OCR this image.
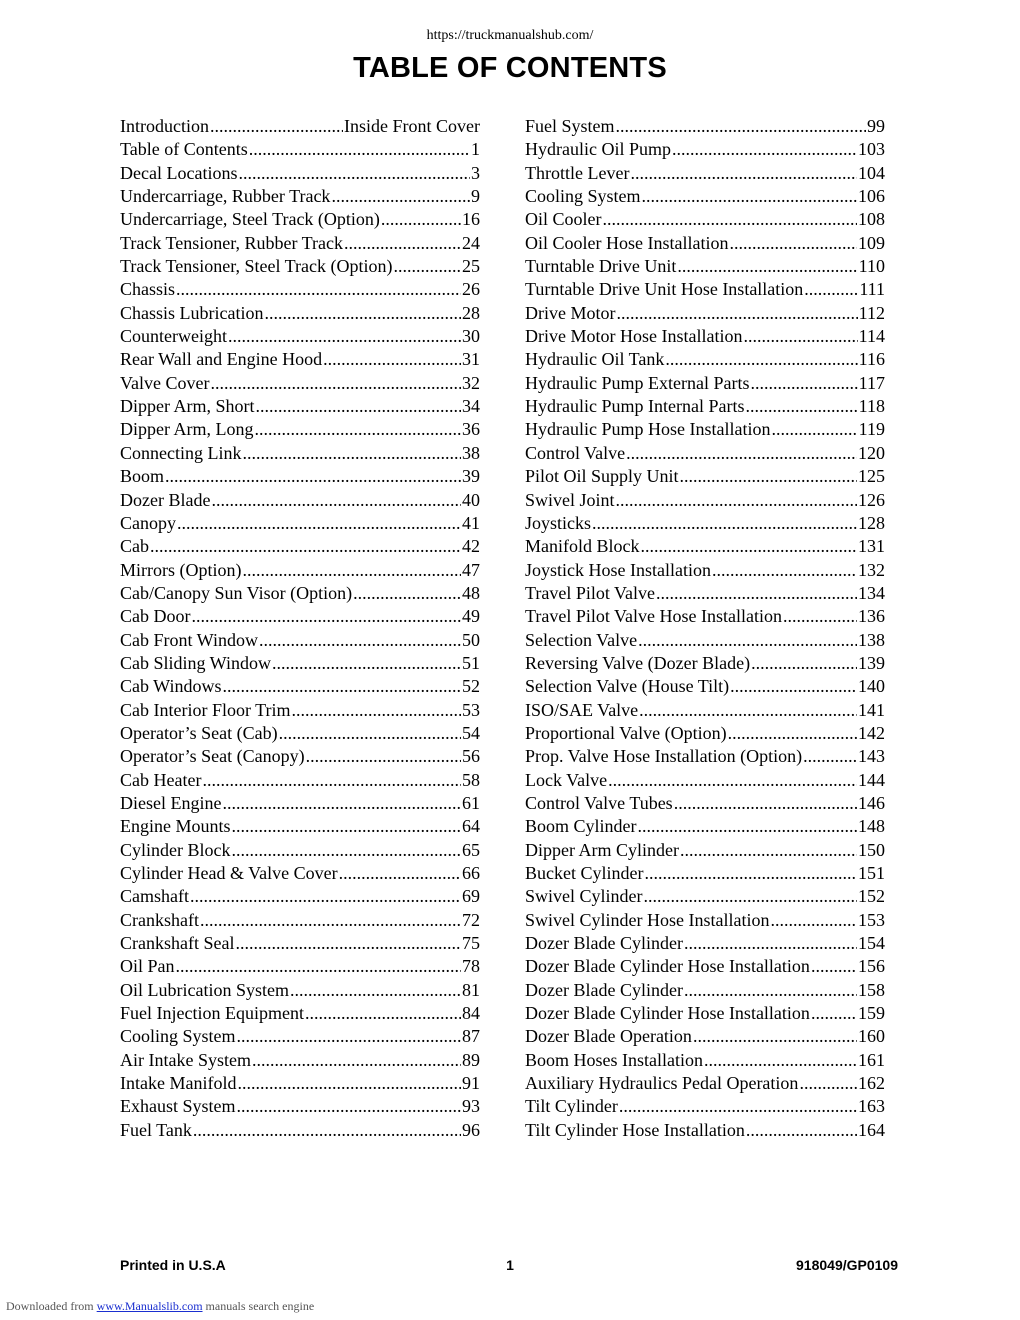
https://truckmanualshub.com/
TABLE OF CONTENTS
Introduction .....	Inside Front Cover
Table of Contents .....	1
Decal Locations .....	3
Undercarriage, Rubber Track .....	9
Undercarriage, Steel Track (Option) .....	16
Track Tensioner, Rubber Track .....	24
Track Tensioner, Steel Track (Option) .....	25
Chassis .....	26
Chassis Lubrication .....	28
Counterweight .....	30
Rear Wall and Engine Hood .....	31
Valve Cover .....	32
Dipper Arm, Short .....	34
Dipper Arm, Long .....	36
Connecting Link .....	38
Boom .....	39
Dozer Blade .....	40
Canopy .....	41
Cab .....	42
Mirrors (Option) .....	47
Cab/Canopy Sun Visor (Option) .....	48
Cab Door .....	49
Cab Front Window .....	50
Cab Sliding Window .....	51
Cab Windows .....	52
Cab Interior Floor Trim .....	53
Operator’s Seat (Cab) .....	54
Operator’s Seat (Canopy) .....	56
Cab Heater .....	58
Diesel Engine .....	61
Engine Mounts .....	64
Cylinder Block .....	65
Cylinder Head & Valve Cover .....	66
Camshaft .....	69
Crankshaft .....	72
Crankshaft Seal .....	75
Oil Pan .....	78
Oil Lubrication System .....	81
Fuel Injection Equipment .....	84
Cooling System .....	87
Air Intake System .....	89
Intake Manifold .....	91
Exhaust System .....	93
Fuel Tank .....	96
Fuel System .....	99
Hydraulic Oil Pump .....	103
Throttle Lever .....	104
Cooling System .....	106
Oil Cooler .....	108
Oil Cooler Hose Installation .....	109
Turntable Drive Unit .....	110
Turntable Drive Unit Hose Installation .....	111
Drive Motor .....	112
Drive Motor Hose Installation .....	114
Hydraulic Oil Tank .....	116
Hydraulic Pump External Parts .....	117
Hydraulic Pump Internal Parts .....	118
Hydraulic Pump Hose Installation .....	119
Control Valve .....	120
Pilot Oil Supply Unit .....	125
Swivel Joint .....	126
Joysticks .....	128
Manifold Block .....	131
Joystick Hose Installation .....	132
Travel Pilot Valve .....	134
Travel Pilot Valve Hose Installation .....	136
Selection Valve .....	138
Reversing Valve (Dozer Blade) .....	139
Selection Valve (House Tilt) .....	140
ISO/SAE Valve .....	141
Proportional Valve (Option) .....	142
Prop. Valve Hose Installation (Option) .....	143
Lock Valve .....	144
Control Valve Tubes .....	146
Boom Cylinder .....	148
Dipper Arm Cylinder .....	150
Bucket Cylinder .....	151
Swivel Cylinder .....	152
Swivel Cylinder Hose Installation .....	153
Dozer Blade Cylinder .....	154
Dozer Blade Cylinder Hose Installation .....	156
Dozer Blade Cylinder .....	158
Dozer Blade Cylinder Hose Installation .....	159
Dozer Blade Operation .....	160
Boom Hoses Installation .....	161
Auxiliary Hydraulics Pedal Operation .....	162
Tilt Cylinder .....	163
Tilt Cylinder Hose Installation .....	164
Printed in U.S.A	1	918049/GP0109
Downloaded from www.Manualslib.com manuals search engine
